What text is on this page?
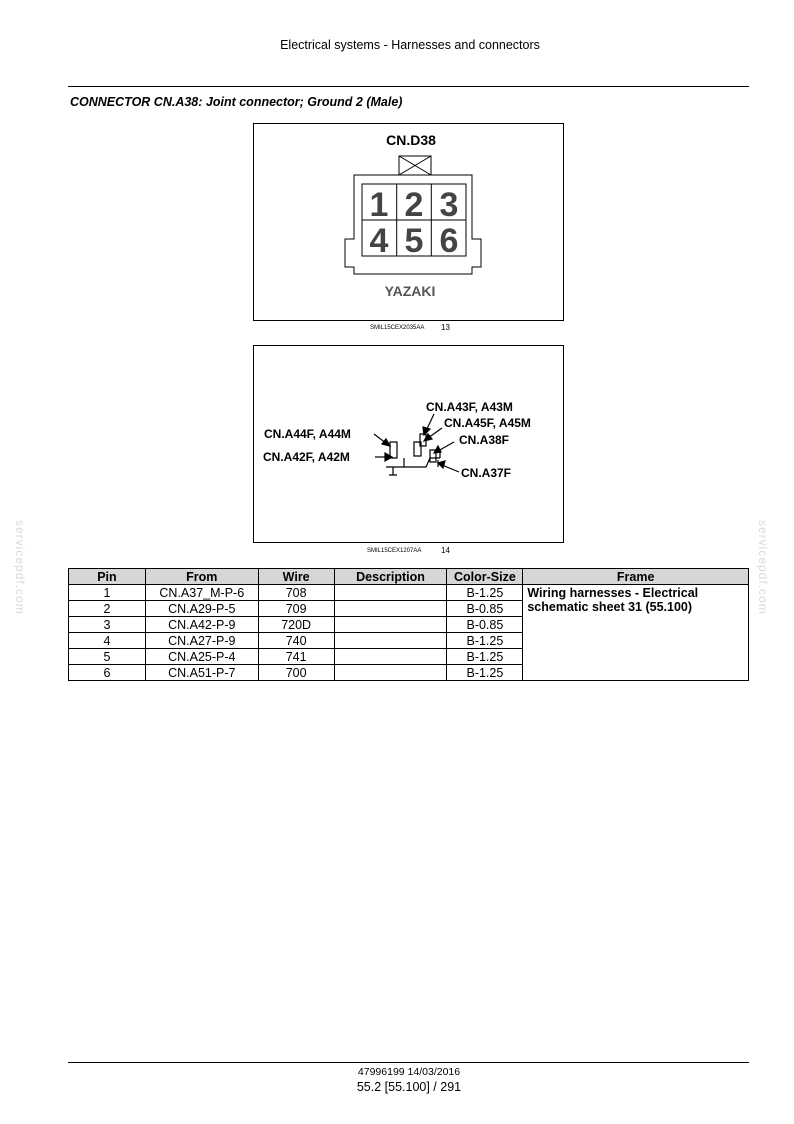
Electrical systems - Harnesses and connectors
CONNECTOR CN.A38: Joint connector; Ground 2 (Male)
CN.D38
1 2 3
4 5 6
YAZAKI
SMIL15CEX2035AA 13
CN.A43F, A43M
CN.A45F, A45M
CN.A44F, A44M	CN.A38F
CN.A42F, A42M
CN.A37F
SMIL15CEX1207AA 14
servicepdf.com	servicepdf.com
Pin	From	Wire	Description	Color-Size	Frame
1	CN.A37_M-P-6	708		B-1.25	Wiring harnesses - Electrical schematic sheet 31 (55.100)
2	CN.A29-P-5	709		B-0.85	
3	CN.A42-P-9	720D		B-0.85	
4	CN.A27-P-9	740		B-1.25	
5	CN.A25-P-4	741		B-1.25	
6	CN.A51-P-7	700		B-1.25	
47996199 14/03/2016
55.2 [55.100] / 291
